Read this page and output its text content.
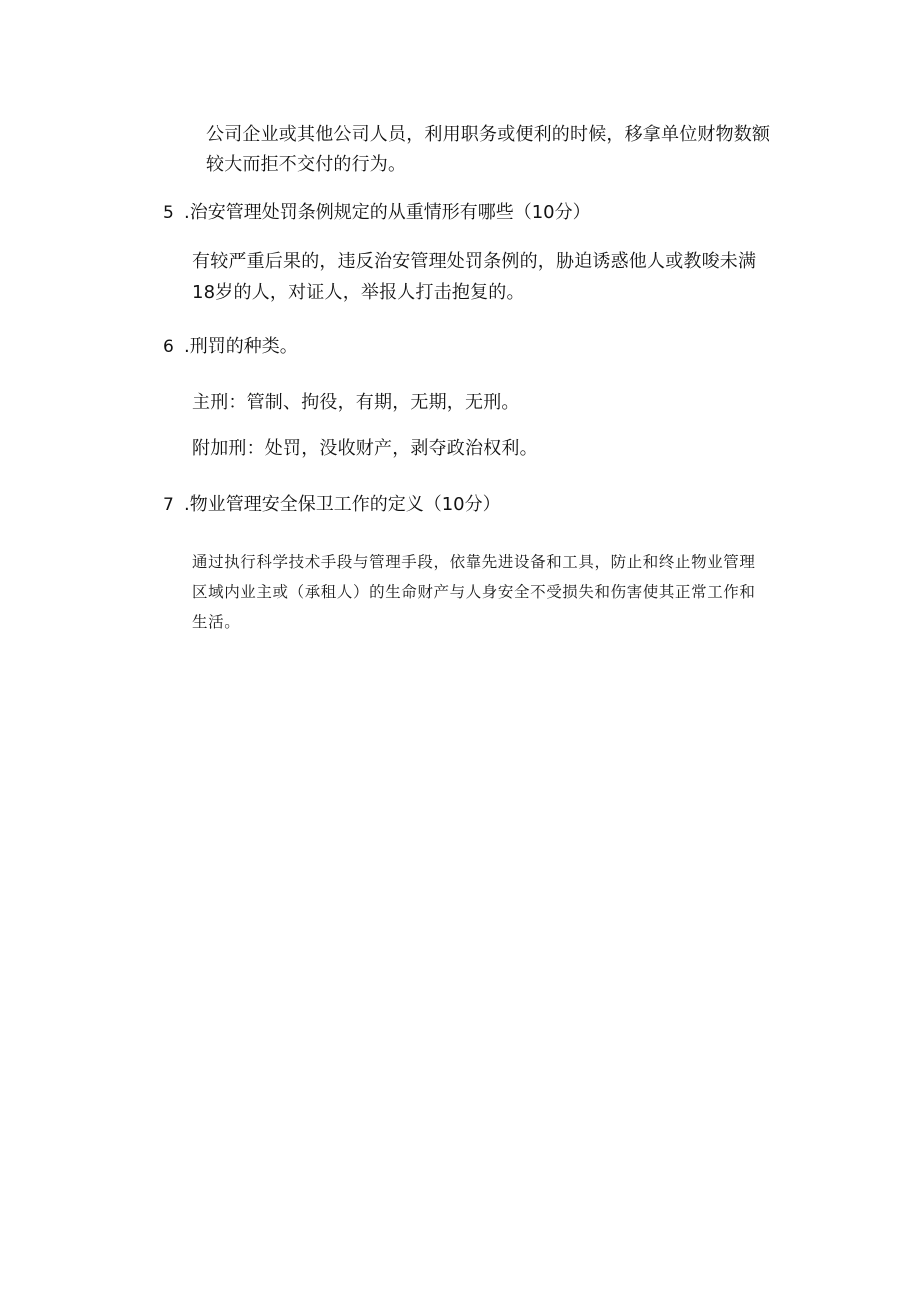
公司企业或其他公司人员，利用职务或便利的时候，移拿单位财物数额
较大而拒不交付的行为。
5 .治安管理处罚条例规定的从重情形有哪些（10分）
有较严重后果的，违反治安管理处罚条例的，胁迫诱惑他人或教唆未满
18岁的人，对证人，举报人打击抱复的。
6 .刑罚的种类。
主刑：管制、拘役，有期，无期，无刑。
附加刑：处罚，没收财产，剥夺政治权利。
7 .物业管理安全保卫工作的定义（10分）
通过执行科学技术手段与管理手段，依靠先进设备和工具，防止和终止物业管理
区域内业主或（承租人）的生命财产与人身安全不受损失和伤害使其正常工作和
生活。
